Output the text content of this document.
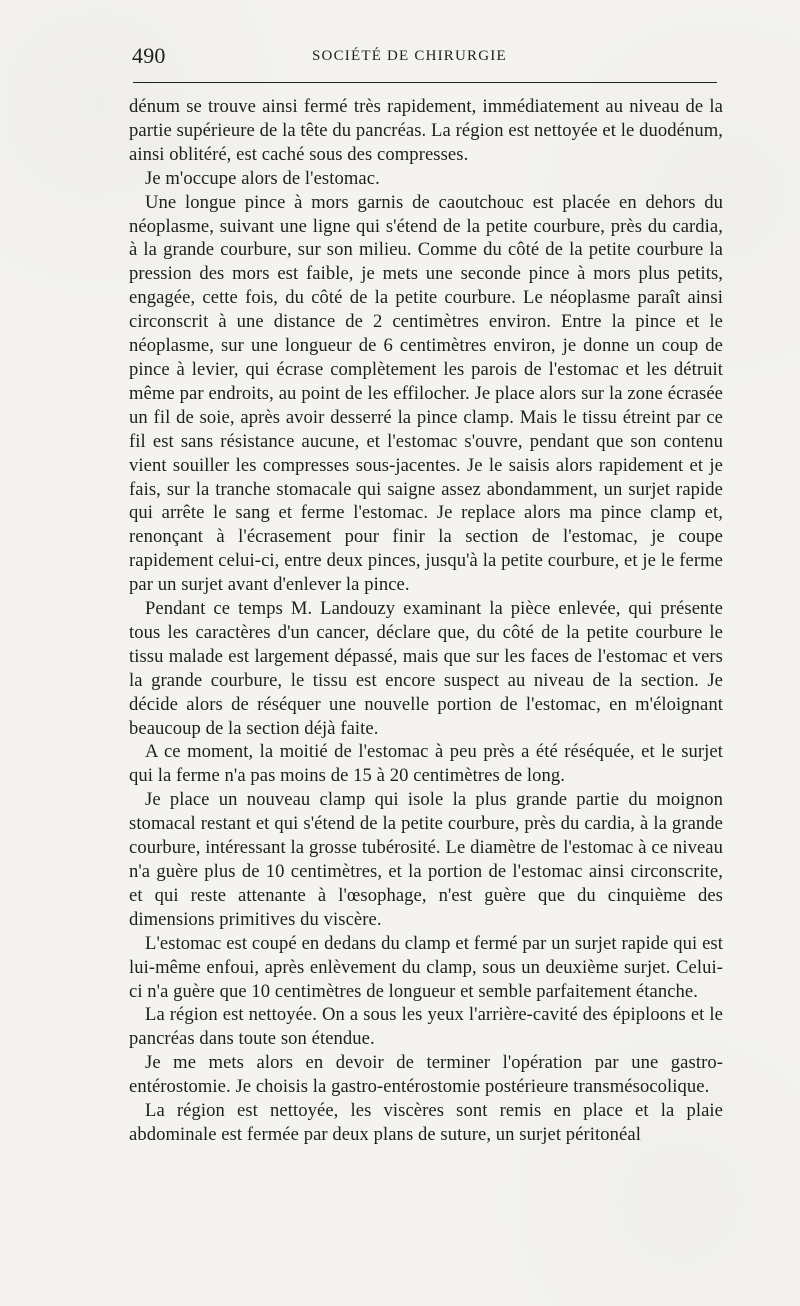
490	SOCIÉTÉ DE CHIRURGIE

dénum se trouve ainsi fermé très rapidement, immédiatement au niveau de la partie supérieure de la tête du pancréas. La région est nettoyée et le duodénum, ainsi oblitéré, est caché sous des compresses.

Je m'occupe alors de l'estomac.

Une longue pince à mors garnis de caoutchouc est placée en dehors du néoplasme, suivant une ligne qui s'étend de la petite courbure, près du cardia, à la grande courbure, sur son milieu. Comme du côté de la petite courbure la pression des mors est faible, je mets une seconde pince à mors plus petits, engagée, cette fois, du côté de la petite courbure. Le néoplasme paraît ainsi circonscrit à une distance de 2 centimètres environ. Entre la pince et le néoplasme, sur une longueur de 6 centimètres environ, je donne un coup de pince à levier, qui écrase complètement les parois de l'estomac et les détruit même par endroits, au point de les effilocher. Je place alors sur la zone écrasée un fil de soie, après avoir desserré la pince clamp. Mais le tissu étreint par ce fil est sans résistance aucune, et l'estomac s'ouvre, pendant que son contenu vient souiller les compresses sous-jacentes. Je le saisis alors rapidement et je fais, sur la tranche stomacale qui saigne assez abondamment, un surjet rapide qui arrête le sang et ferme l'estomac. Je replace alors ma pince clamp et, renonçant à l'écrasement pour finir la section de l'estomac, je coupe rapidement celui-ci, entre deux pinces, jusqu'à la petite courbure, et je le ferme par un surjet avant d'enlever la pince.

Pendant ce temps M. Landouzy examinant la pièce enlevée, qui présente tous les caractères d'un cancer, déclare que, du côté de la petite courbure le tissu malade est largement dépassé, mais que sur les faces de l'estomac et vers la grande courbure, le tissu est encore suspect au niveau de la section. Je décide alors de réséquer une nouvelle portion de l'estomac, en m'éloignant beaucoup de la section déjà faite.

A ce moment, la moitié de l'estomac à peu près a été réséquée, et le surjet qui la ferme n'a pas moins de 15 à 20 centimètres de long.

Je place un nouveau clamp qui isole la plus grande partie du moignon stomacal restant et qui s'étend de la petite courbure, près du cardia, à la grande courbure, intéressant la grosse tubérosité. Le diamètre de l'estomac à ce niveau n'a guère plus de 10 centimètres, et la portion de l'estomac ainsi circonscrite, et qui reste attenante à l'œsophage, n'est guère que du cinquième des dimensions primitives du viscère.

L'estomac est coupé en dedans du clamp et fermé par un surjet rapide qui est lui-même enfoui, après enlèvement du clamp, sous un deuxième surjet. Celui-ci n'a guère que 10 centimètres de longueur et semble parfaitement étanche.

La région est nettoyée. On a sous les yeux l'arrière-cavité des épiploons et le pancréas dans toute son étendue.

Je me mets alors en devoir de terminer l'opération par une gastro-entérostomie. Je choisis la gastro-entérostomie postérieure transmésocolique.

La région est nettoyée, les viscères sont remis en place et la plaie abdominale est fermée par deux plans de suture, un surjet péritonéal
